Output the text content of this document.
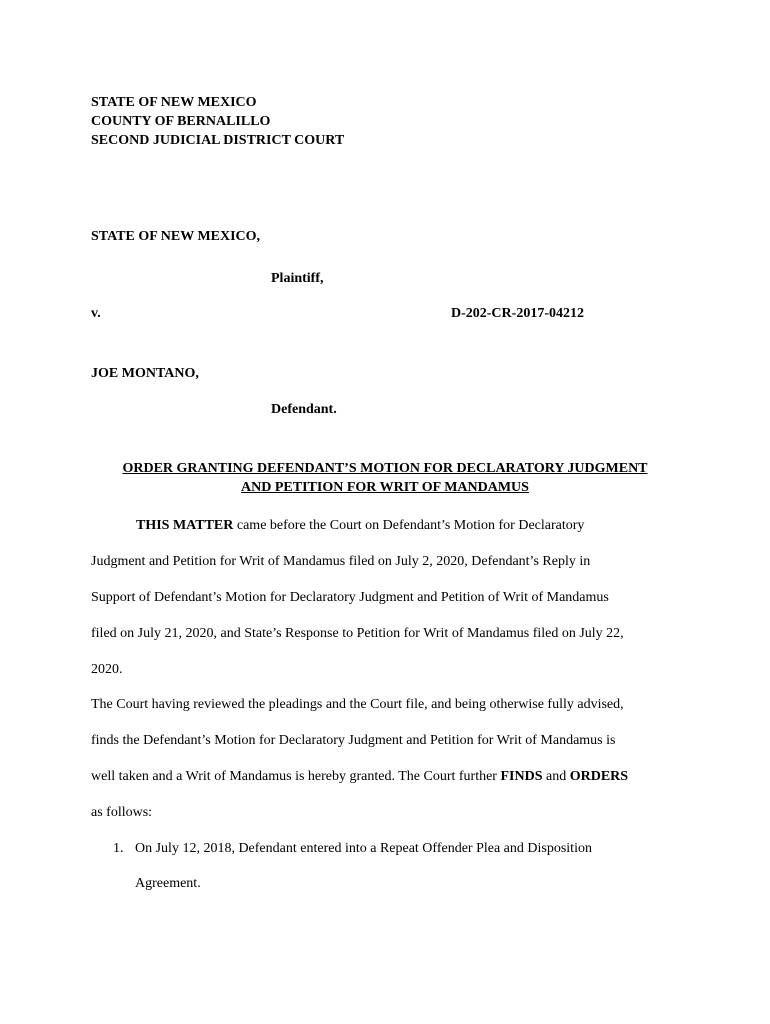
STATE OF NEW MEXICO
COUNTY OF BERNALILLO
SECOND JUDICIAL DISTRICT COURT
STATE OF NEW MEXICO,
Plaintiff,
v.	D-202-CR-2017-04212
JOE MONTANO,
Defendant.
ORDER GRANTING DEFENDANT’S MOTION FOR DECLARATORY JUDGMENT
AND PETITION FOR WRIT OF MANDAMUS
THIS MATTER came before the Court on Defendant’s Motion for Declaratory
Judgment and Petition for Writ of Mandamus filed on July 2, 2020, Defendant’s Reply in
Support of Defendant’s Motion for Declaratory Judgment and Petition of Writ of Mandamus
filed on July 21, 2020, and State’s Response to Petition for Writ of Mandamus filed on July 22,
2020.
The Court having reviewed the pleadings and the Court file, and being otherwise fully advised,
finds the Defendant’s Motion for Declaratory Judgment and Petition for Writ of Mandamus is
well taken and a Writ of Mandamus is hereby granted. The Court further FINDS and ORDERS
as follows:
1. On July 12, 2018, Defendant entered into a Repeat Offender Plea and Disposition
Agreement.
